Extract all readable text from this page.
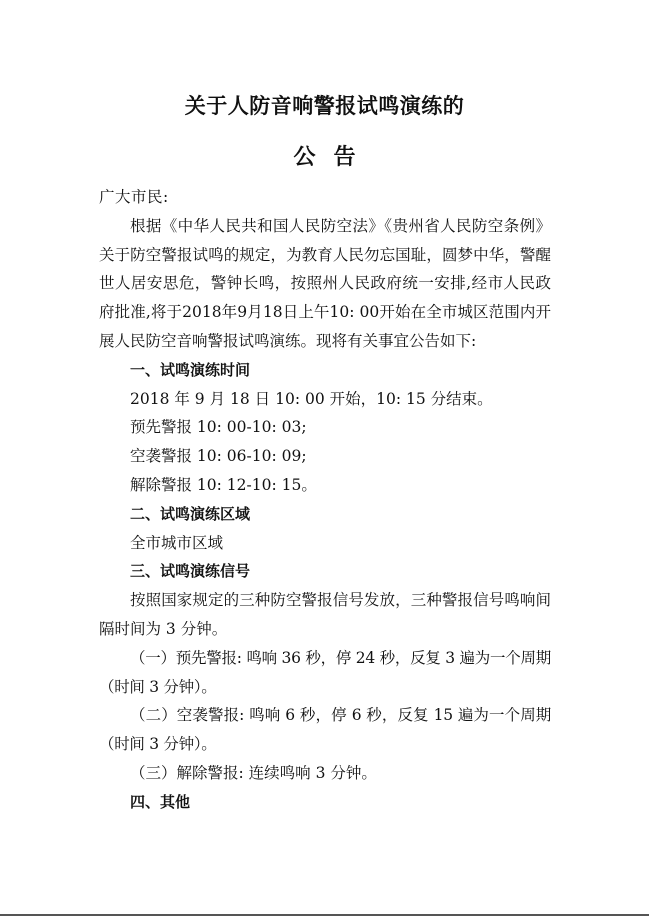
关于人防音响警报试鸣演练的
公告

广大市民:

根据《中华人民共和国人民防空法》《贵州省人民防空条例》关于防空警报试鸣的规定，为教育人民勿忘国耻，圆梦中华，警醒世人居安思危，警钟长鸣，按照州人民政府统一安排,经市人民政府批准,将于2018年9月18日上午10: 00开始在全市城区范围内开展人民防空音响警报试鸣演练。现将有关事宜公告如下:

一、试鸣演练时间

2018 年 9 月 18 日 10: 00 开始，10: 15 分结束。

预先警报 10: 00-10: 03;

空袭警报 10: 06-10: 09;

解除警报 10: 12-10: 15。

二、试鸣演练区域

全市城市区域

三、试鸣演练信号

按照国家规定的三种防空警报信号发放，三种警报信号鸣响间隔时间为 3 分钟。

（一）预先警报: 鸣响 36 秒，停 24 秒，反复 3 遍为一个周期（时间 3 分钟）。

（二）空袭警报: 鸣响 6 秒，停 6 秒，反复 15 遍为一个周期（时间 3 分钟）。

（三）解除警报: 连续鸣响 3 分钟。

四、其他
